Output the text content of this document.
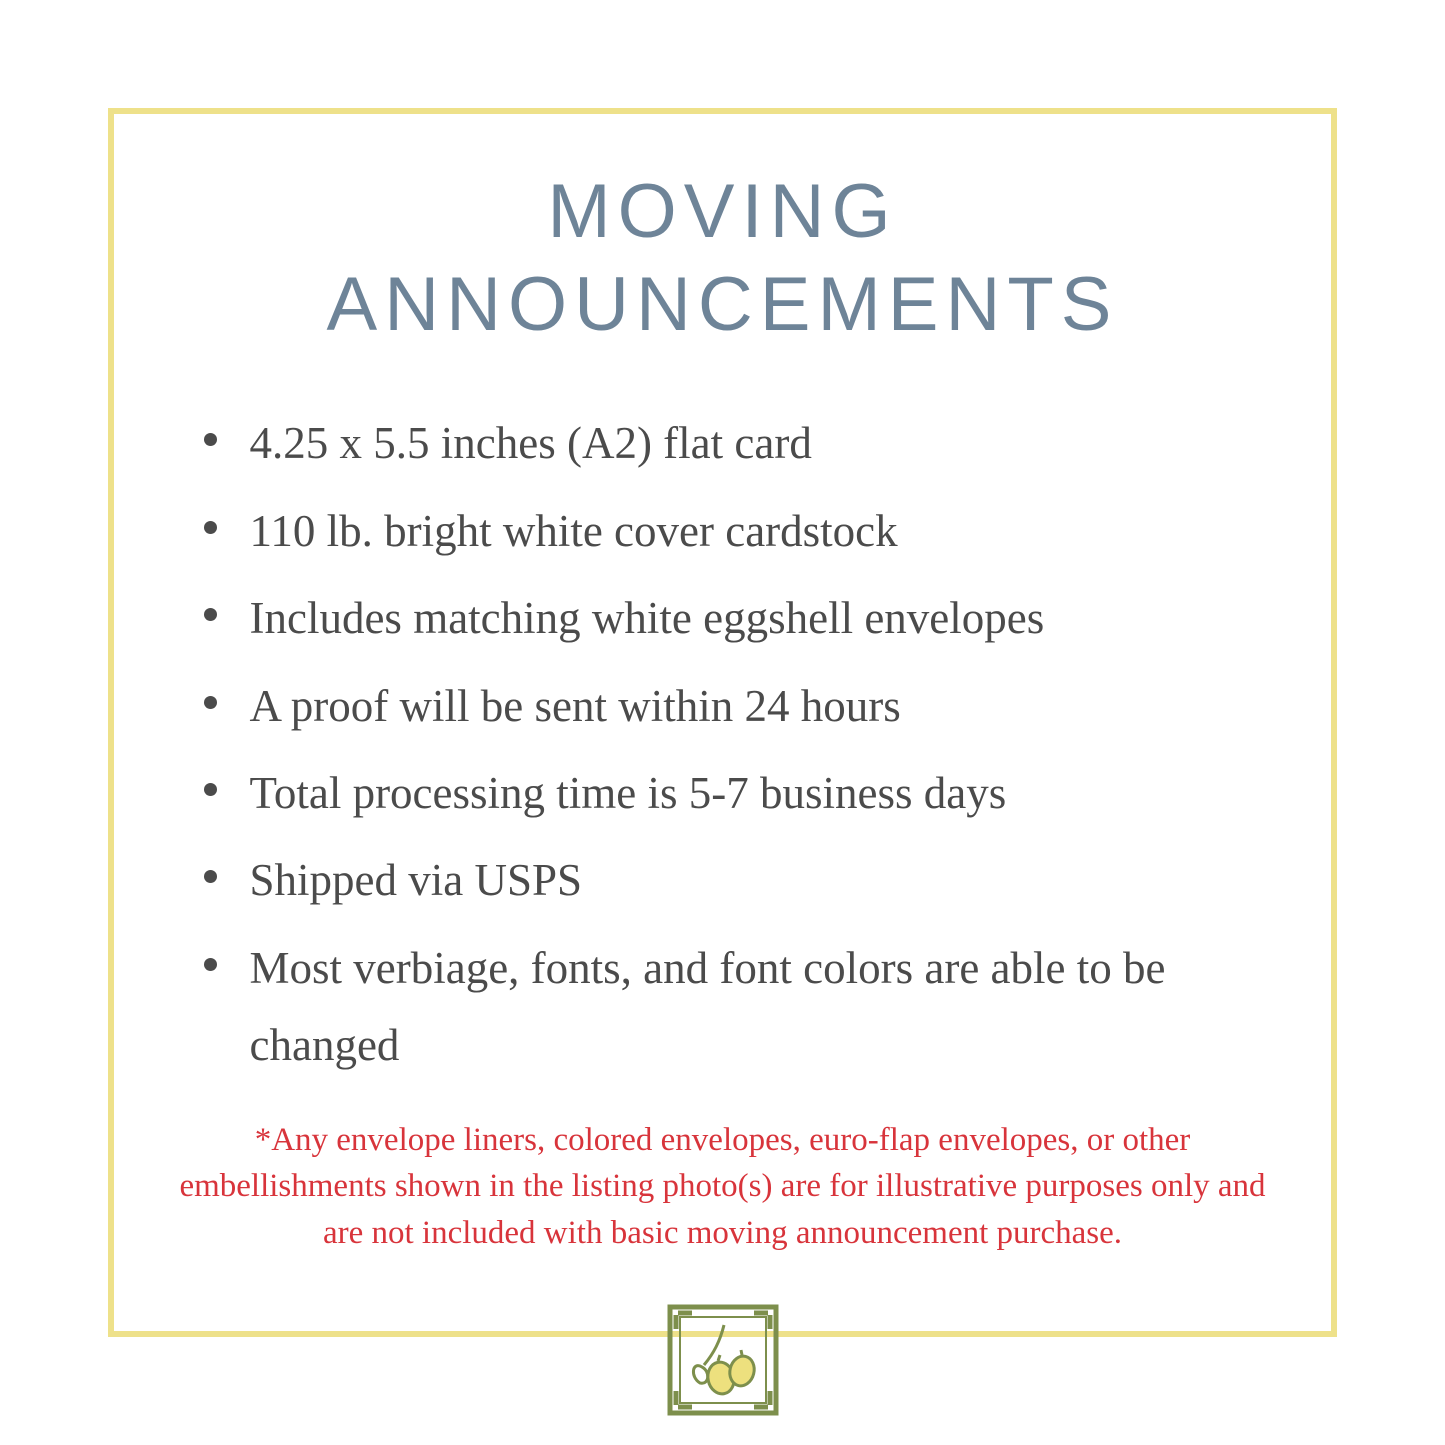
MOVING
ANNOUNCEMENTS
4.25 x 5.5 inches (A2) flat card
110 lb. bright white cover cardstock
Includes matching white eggshell envelopes
A proof will be sent within 24 hours
Total processing time is 5-7 business days
Shipped via USPS
Most verbiage, fonts, and font colors are able to be changed
*Any envelope liners, colored envelopes, euro-flap envelopes, or other embellishments shown in the listing photo(s) are for illustrative purposes only and are not included with basic moving announcement purchase.
